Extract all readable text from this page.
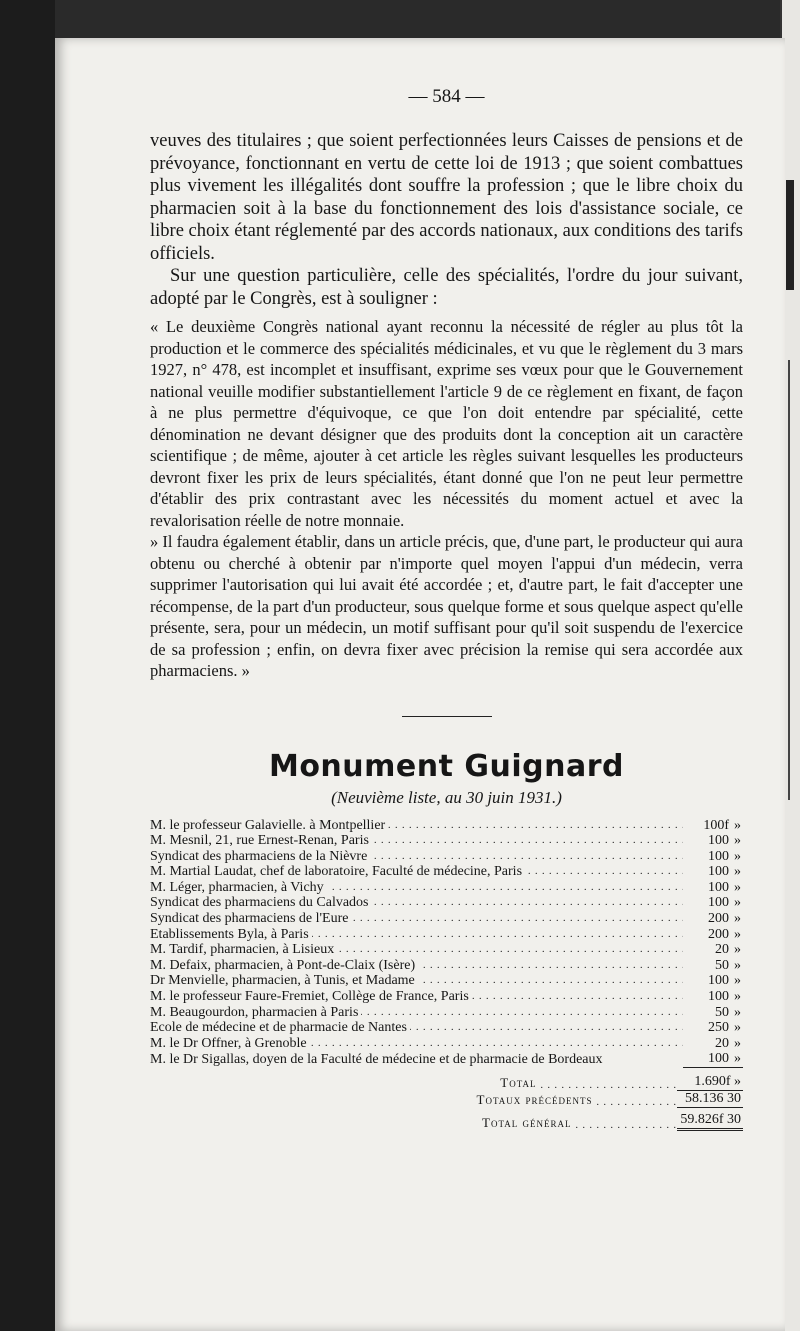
— 584 —

veuves des titulaires ; que soient perfectionnées leurs Caisses de pensions et de prévoyance, fonctionnant en vertu de cette loi de 1913 ; que soient combattues plus vivement les illégalités dont souffre la profession ; que le libre choix du pharmacien soit à la base du fonctionnement des lois d'assistance sociale, ce libre choix étant réglementé par des accords nationaux, aux conditions des tarifs officiels.

Sur une question particulière, celle des spécialités, l'ordre du jour suivant, adopté par le Congrès, est à souligner :

« Le deuxième Congrès national ayant reconnu la nécessité de régler au plus tôt la production et le commerce des spécialités médicinales, et vu que le règlement du 3 mars 1927, n° 478, est incomplet et insuffisant, exprime ses vœux pour que le Gouvernement national veuille modifier substantiellement l'article 9 de ce règlement en fixant, de façon à ne plus permettre d'équivoque, ce que l'on doit entendre par spécialité, cette dénomination ne devant désigner que des produits dont la conception ait un caractère scientifique ; de même, ajouter à cet article les règles suivant lesquelles les producteurs devront fixer les prix de leurs spécialités, étant donné que l'on ne peut leur permettre d'établir des prix contrastant avec les nécessités du moment actuel et avec la revalorisation réelle de notre monnaie.

» Il faudra également établir, dans un article précis, que, d'une part, le producteur qui aura obtenu ou cherché à obtenir par n'importe quel moyen l'appui d'un médecin, verra supprimer l'autorisation qui lui avait été accordée ; et, d'autre part, le fait d'accepter une récompense, de la part d'un producteur, sous quelque forme et sous quelque aspect qu'elle présente, sera, pour un médecin, un motif suffisant pour qu'il soit suspendu de l'exercice de sa profession ; enfin, on devra fixer avec précision la remise qui sera accordée aux pharmaciens. »

Monument Guignard
(Neuvième liste, au 30 juin 1931.)
M. le professeur Galavielle. à Montpellier . . .	100f »
M. Mesnil, 21, rue Ernest-Renan, Paris . . .	100 »
Syndicat des pharmaciens de la Nièvre . . .	100 »
M. Martial Laudat, chef de laboratoire, Faculté de médecine, Paris . . .	100 »
M. Léger, pharmacien, à Vichy . . .	100 »
Syndicat des pharmaciens du Calvados . . .	100 »
Syndicat des pharmaciens de l'Eure . . .	200 »
Etablissements Byla, à Paris . . .	200 »
M. Tardif, pharmacien, à Lisieux . . .	20 »
M. Defaix, pharmacien, à Pont-de-Claix (Isère) . . .	50 »
Dr Menvielle, pharmacien, à Tunis, et Madame . . .	100 »
M. le professeur Faure-Fremiet, Collège de France, Paris . . .	100 »
M. Beaugourdon, pharmacien à Paris . . .	50 »
Ecole de médecine et de pharmacie de Nantes . . .	250 »
M. le Dr Offner, à Grenoble . . .	20 »
M. le Dr Sigallas, doyen de la Faculté de médecine et de pharmacie de Bordeaux	100 »
Total . . . . . . . . . . . . . . . . . . . .	1.690f »
Totaux précédents . . . . . . . . . . . . 58.136 30
Total général . . . . . . . . . . . . . . . 59.826f 30
